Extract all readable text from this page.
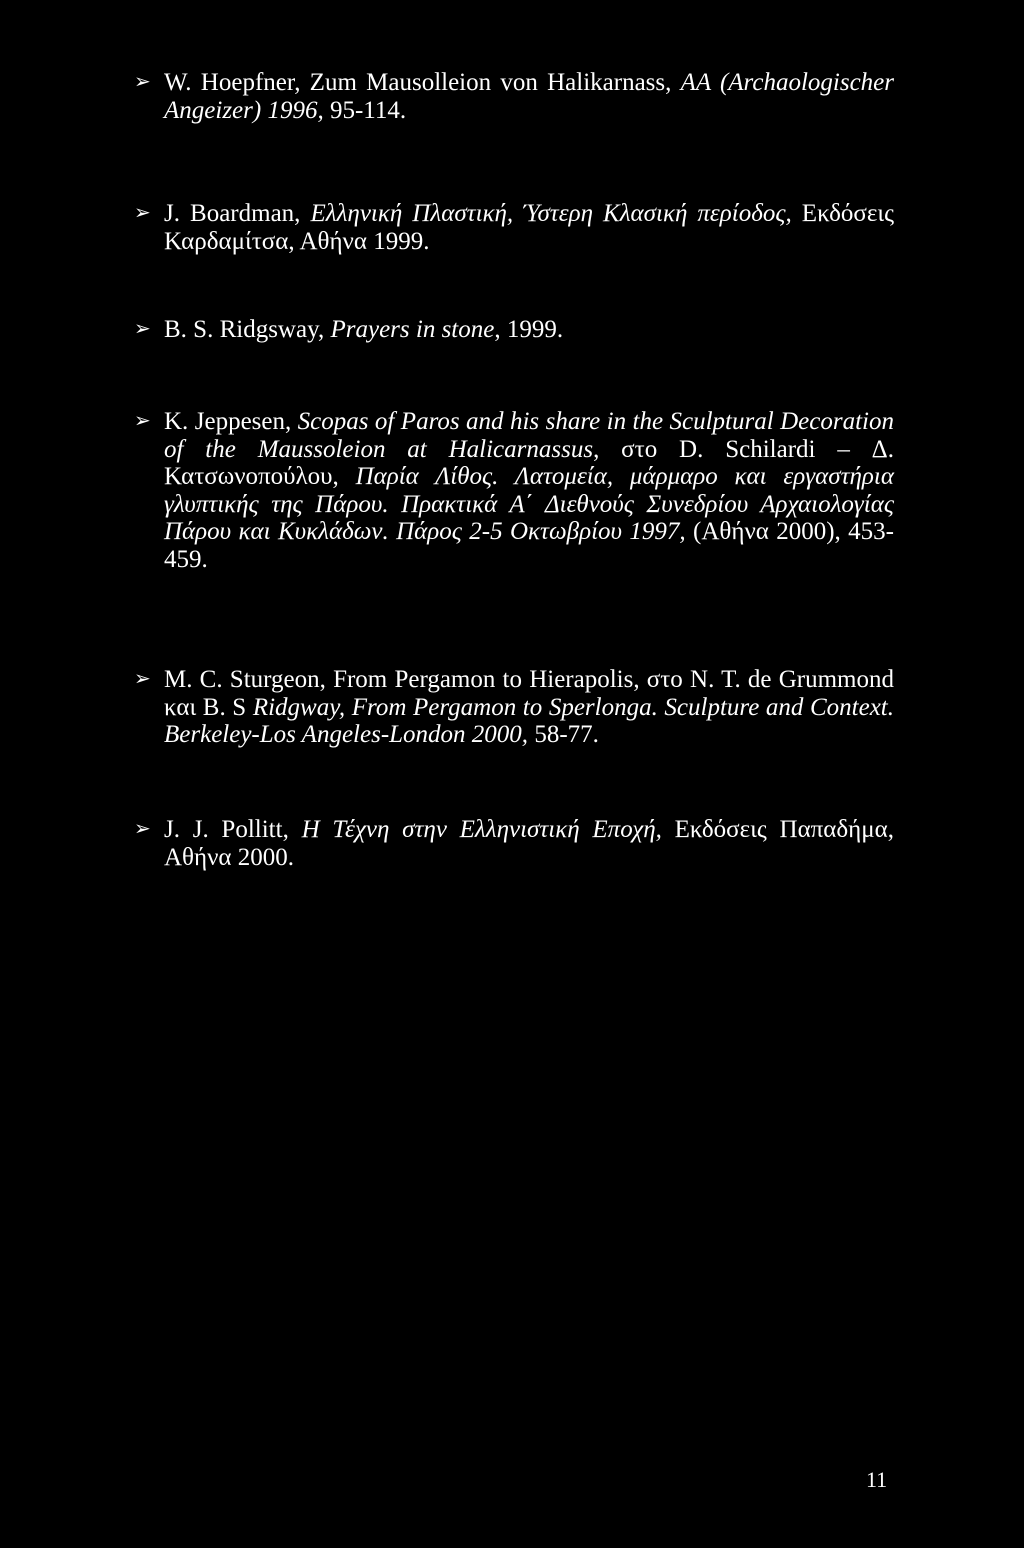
➢ W. Hoepfner, Zum Mausolleion von Halikarnass, AA (Archaologischer Angeizer) 1996, 95-114.
➢ J. Boardman, Ελληνική Πλαστική, Ύστερη Κλασική περίοδος, Εκδόσεις Καρδαμίτσα, Αθήνα 1999.
➢ B. S. Ridgsway, Prayers in stone, 1999.
➢ K. Jeppesen, Scopas of Paros and his share in the Sculptural Decoration of the Maussoleion at Halicarnassus, στο D. Schilardi – Δ. Κατσωνοπούλου, Παρία Λίθος. Λατομεία, μάρμαρο και εργαστήρια γλυπτικής της Πάρου. Πρακτικά Α΄ Διεθνούς Συνεδρίου Αρχαιολογίας Πάρου και Κυκλάδων. Πάρος 2-5 Οκτωβρίου 1997, (Αθήνα 2000), 453-459.
➢ M. C. Sturgeon, From Pergamon to Hierapolis, στο N. T. de Grummond και B. S Ridgway, From Pergamon to Sperlonga. Sculpture and Context. Berkeley-Los Angeles-London 2000, 58-77.
➢ J. J. Pollitt, Η Τέχνη στην Ελληνιστική Εποχή, Εκδόσεις Παπαδήμα, Αθήνα 2000.
11
